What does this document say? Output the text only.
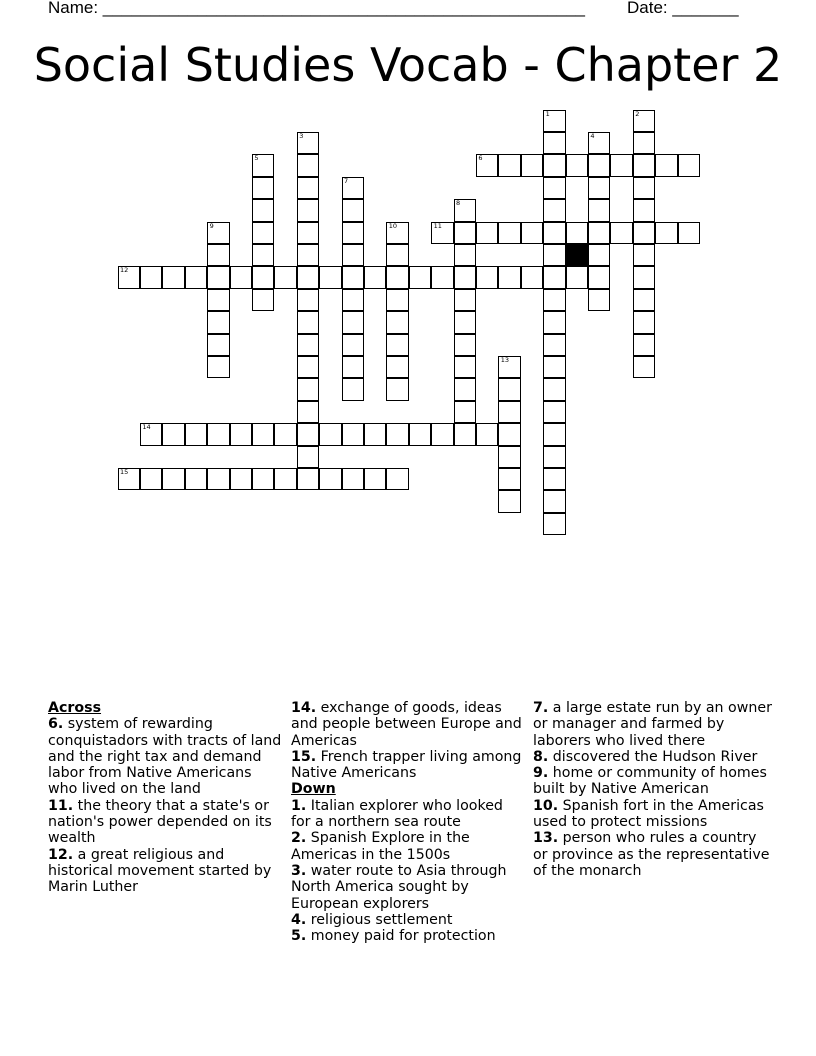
Name: ___________________________________________________ Date: _______
Social Studies Vocab - Chapter 2
1	2
3	4
5	6
7
8
9	10	11
12
13
14
15
Across
6. system of rewarding conquistadors with tracts of land and the right tax and demand labor from Native Americans who lived on the land
11. the theory that a state's or nation's power depended on its wealth
12. a great religious and historical movement started by Marin Luther
14. exchange of goods, ideas and people between Europe and Americas
15. French trapper living among Native Americans
Down
1. Italian explorer who looked for a northern sea route
2. Spanish Explore in the Americas in the 1500s
3. water route to Asia through North America sought by European explorers
4. religious settlement
5. money paid for protection
7. a large estate run by an owner or manager and farmed by laborers who lived there
8. discovered the Hudson River
9. home or community of homes built by Native American
10. Spanish fort in the Americas used to protect missions
13. person who rules a country or province as the representative of the monarch
